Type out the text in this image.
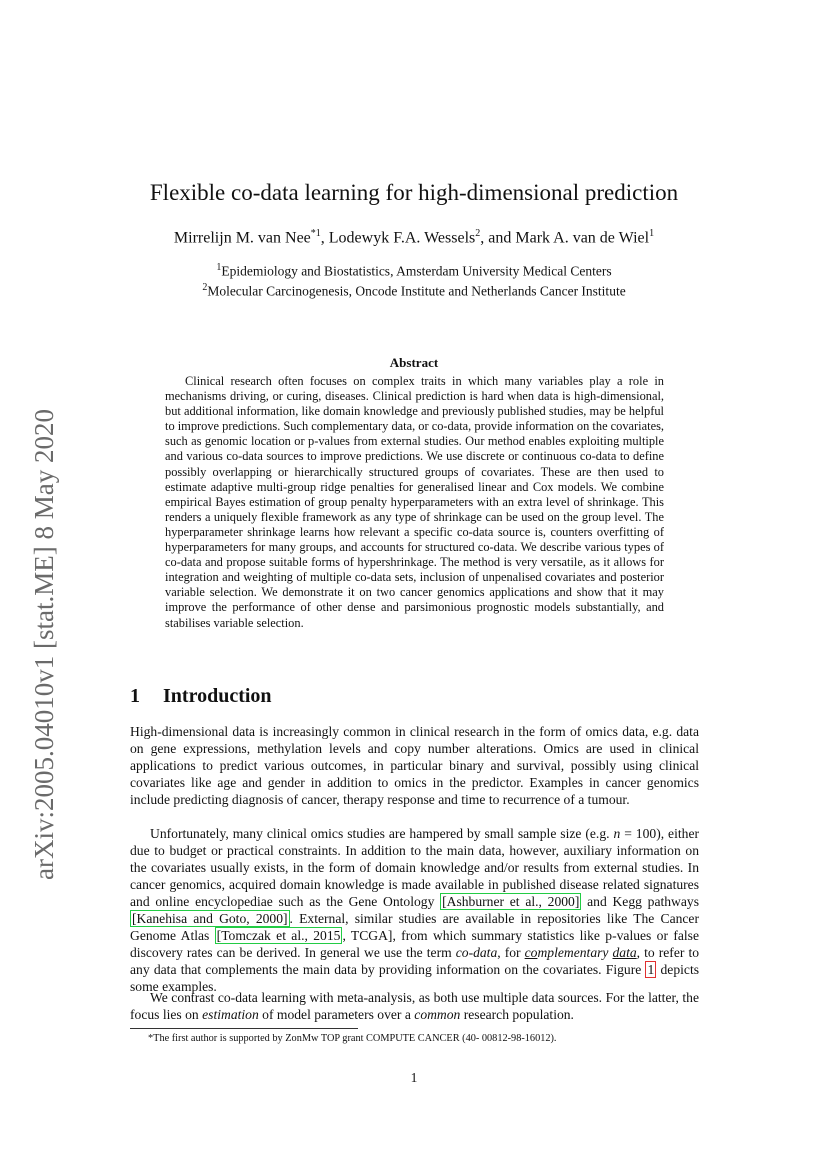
arXiv:2005.04010v1 [stat.ME] 8 May 2020
Flexible co-data learning for high-dimensional prediction
Mirrelijn M. van Nee$^{*1}$, Lodewyk F.A. Wessels$^2$, and Mark A. van de Wiel$^1$
$^1$Epidemiology and Biostatistics, Amsterdam University Medical Centers
$^2$Molecular Carcinogenesis, Oncode Institute and Netherlands Cancer Institute
Abstract

Clinical research often focuses on complex traits in which many variables play a role in mechanisms driving, or curing, diseases. Clinical prediction is hard when data is high-dimensional, but additional information, like domain knowledge and previously published studies, may be helpful to improve predictions. Such complementary data, or co-data, provide information on the covariates, such as genomic location or p-values from external studies. Our method enables exploiting multiple and various co-data sources to improve predictions. We use discrete or continuous co-data to define possibly overlapping or hierarchically structured groups of covariates. These are then used to estimate adaptive multi-group ridge penalties for generalised linear and Cox models. We combine empirical Bayes estimation of group penalty hyperparameters with an extra level of shrinkage. This renders a uniquely flexible framework as any type of shrinkage can be used on the group level. The hyperparameter shrinkage learns how relevant a specific co-data source is, counters overfitting of hyperparameters for many groups, and accounts for structured co-data. We describe various types of co-data and propose suitable forms of hypershrinkage. The method is very versatile, as it allows for integration and weighting of multiple co-data sets, inclusion of unpenalised covariates and posterior variable selection. We demonstrate it on two cancer genomics applications and show that it may improve the performance of other dense and parsimonious prognostic models substantially, and stabilises variable selection.

1 Introduction

High-dimensional data is increasingly common in clinical research in the form of omics data, e.g. data on gene expressions, methylation levels and copy number alterations. Omics are used in clinical applications to predict various outcomes, in particular binary and survival, possibly using clinical covariates like age and gender in addition to omics in the predictor. Examples in cancer genomics include predicting diagnosis of cancer, therapy response and time to recurrence of a tumour.

Unfortunately, many clinical omics studies are hampered by small sample size (e.g. n = 100), either due to budget or practical constraints. In addition to the main data, however, auxiliary information on the covariates usually exists, in the form of domain knowledge and/or results from external studies. In cancer genomics, acquired domain knowledge is made available in published disease related signatures and online encyclopediae such as the Gene Ontology [Ashburner et al., 2000] and Kegg pathways [Kanehisa and Goto, 2000] . External, similar studies are available in repositories like The Cancer Genome Atlas [Tomczak et al., 2015 , TCGA], from which summary statistics like p-values or false discovery rates can be derived. In general we use the term co-data, for complementary data, to refer to any data that complements the main data by providing information on the covariates. Figure 1 depicts some examples.

We contrast co-data learning with meta-analysis, as both use multiple data sources. For the latter, the focus lies on estimation of model parameters over a common research population.

*The first author is supported by ZonMw TOP grant COMPUTE CANCER (40- 00812-98-16012).
1
